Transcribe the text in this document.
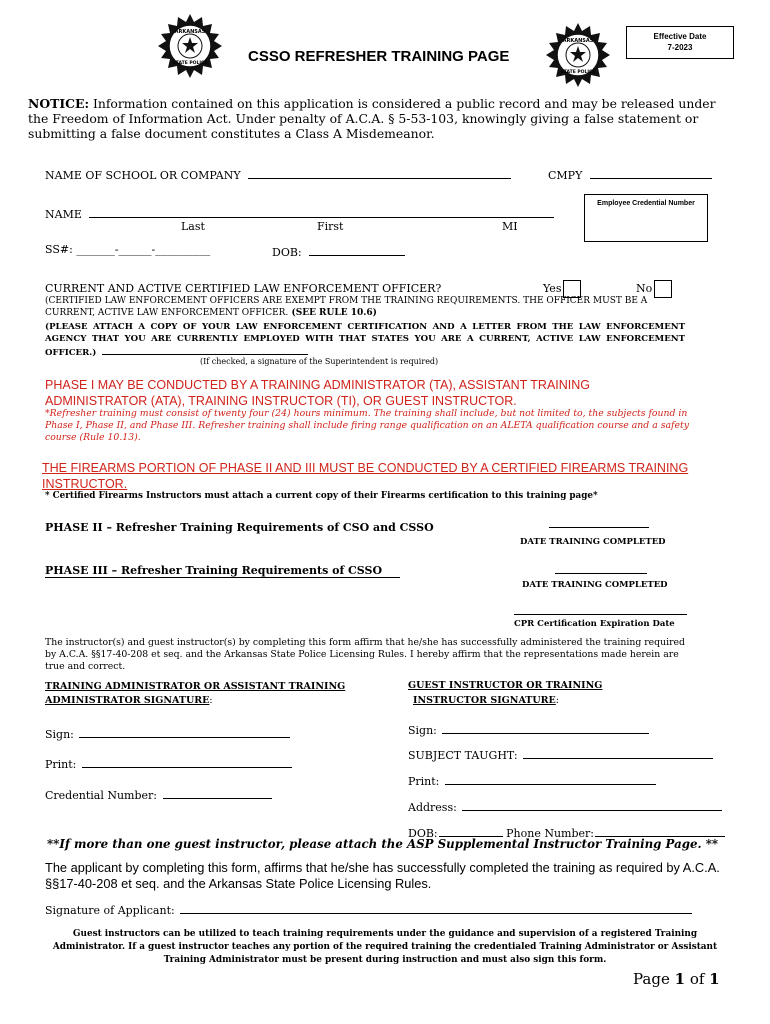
ARKANSAS
STATE POLICE	CSSO REFRESHER TRAINING PAGE
ARKANSAS
STATE POLICE
Effective Date
7-2023
NOTICE: Information contained on this application is considered a public record and may be released under the Freedom of Information Act. Under penalty of A.C.A. § 5-53-103, knowingly giving a false statement or submitting a false document constitutes a Class A Misdemeanor.
NAME OF SCHOOL OR COMPANY	CMPY
Employee Credential Number
NAME
Last	First	MI
SS#: _______-______-__________	DOB:
CURRENT AND ACTIVE CERTIFIED LAW ENFORCEMENT OFFICER?	Yes	No
(CERTIFIED LAW ENFORCEMENT OFFICERS ARE EXEMPT FROM THE TRAINING REQUIREMENTS. THE OFFICER MUST BE A CURRENT, ACTIVE LAW ENFORCEMENT OFFICER. (SEE RULE 10.6)
(PLEASE ATTACH A COPY OF YOUR LAW ENFORCEMENT CERTIFICATION AND A LETTER FROM THE LAW ENFORCEMENT AGENCY THAT YOU ARE CURRENTLY EMPLOYED WITH THAT STATES YOU ARE A CURRENT, ACTIVE LAW ENFORCEMENT OFFICER.)
(If checked, a signature of the Superintendent is required)
PHASE I MAY BE CONDUCTED BY A TRAINING ADMINISTRATOR (TA), ASSISTANT TRAINING ADMINISTRATOR (ATA), TRAINING INSTRUCTOR (TI), OR GUEST INSTRUCTOR.
*Refresher training must consist of twenty four (24) hours minimum. The training shall include, but not limited to, the subjects found in Phase I, Phase II, and Phase III. Refresher training shall include firing range qualification on an ALETA qualification course and a safety course (Rule 10.13).
THE FIREARMS PORTION OF PHASE II AND III MUST BE CONDUCTED BY A CERTIFIED FIREARMS TRAINING INSTRUCTOR.
* Certified Firearms Instructors must attach a current copy of their Firearms certification to this training page*
PHASE II – Refresher Training Requirements of CSO and CSSO
DATE TRAINING COMPLETED
PHASE III – Refresher Training Requirements of CSSO
DATE TRAINING COMPLETED
CPR Certification Expiration Date
The instructor(s) and guest instructor(s) by completing this form affirm that he/she has successfully administered the training required by A.C.A. §§17-40-208 et seq. and the Arkansas State Police Licensing Rules. I hereby affirm that the representations made herein are true and correct.
TRAINING ADMINISTRATOR OR ASSISTANT TRAINING
ADMINISTRATOR SIGNATURE:
Sign:
Print:
Credential Number:
GUEST INSTRUCTOR OR TRAINING
INSTRUCTOR SIGNATURE:
Sign:
SUBJECT TAUGHT:
Print:
Address:
DOB:	Phone Number:
**If more than one guest instructor, please attach the ASP Supplemental Instructor Training Page. **
The applicant by completing this form, affirms that he/she has successfully completed the training as required by A.C.A. §§17-40-208 et seq. and the Arkansas State Police Licensing Rules.
Signature of Applicant:
Guest instructors can be utilized to teach training requirements under the guidance and supervision of a registered Training Administrator. If a guest instructor teaches any portion of the required training the credentialed Training Administrator or Assistant Training Administrator must be present during instruction and must also sign this form.
Page 1 of 1
